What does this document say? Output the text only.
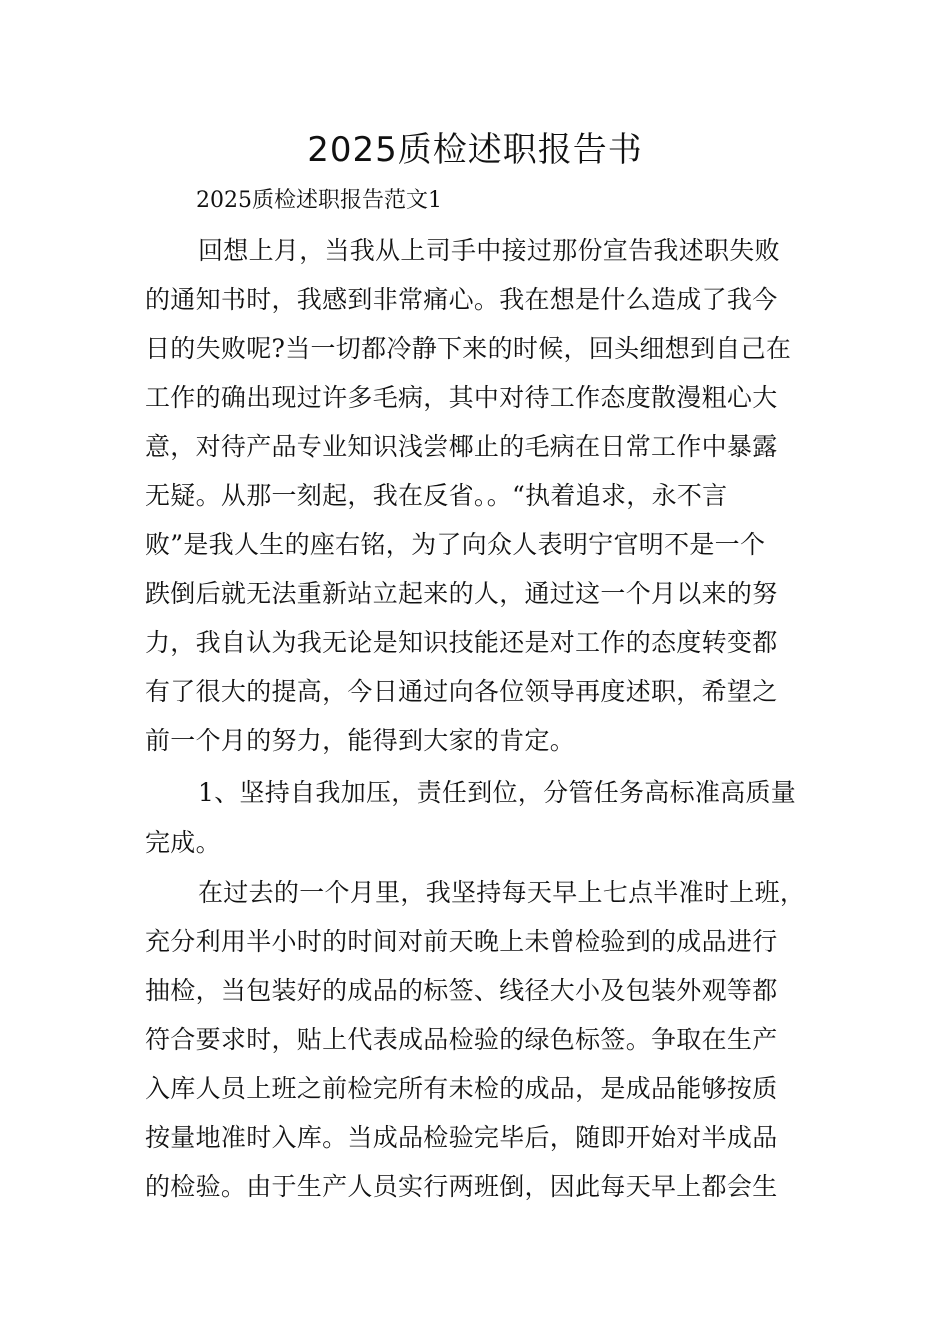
2025质检述职报告书
2025质检述职报告范文1
回想上月，当我从上司手中接过那份宣告我述职失败
的通知书时，我感到非常痛心。我在想是什么造成了我今
日的失败呢?当一切都冷静下来的时候，回头细想到自己在
工作的确出现过许多毛病，其中对待工作态度散漫粗心大
意，对待产品专业知识浅尝椰止的毛病在日常工作中暴露
无疑。从那一刻起，我在反省。。“执着追求，永不言
败”是我人生的座右铭，为了向众人表明宁官明不是一个
跌倒后就无法重新站立起来的人，通过这一个月以来的努
力，我自认为我无论是知识技能还是对工作的态度转变都
有了很大的提高，今日通过向各位领导再度述职，希望之
前一个月的努力，能得到大家的肯定。
1、坚持自我加压，责任到位，分管任务高标准高质量
完成。
在过去的一个月里，我坚持每天早上七点半准时上班，
充分利用半小时的时间对前天晚上未曾检验到的成品进行
抽检，当包装好的成品的标签、线径大小及包装外观等都
符合要求时，贴上代表成品检验的绿色标签。争取在生产
入库人员上班之前检完所有未检的成品，是成品能够按质
按量地准时入库。当成品检验完毕后，随即开始对半成品
的检验。由于生产人员实行两班倒，因此每天早上都会生
